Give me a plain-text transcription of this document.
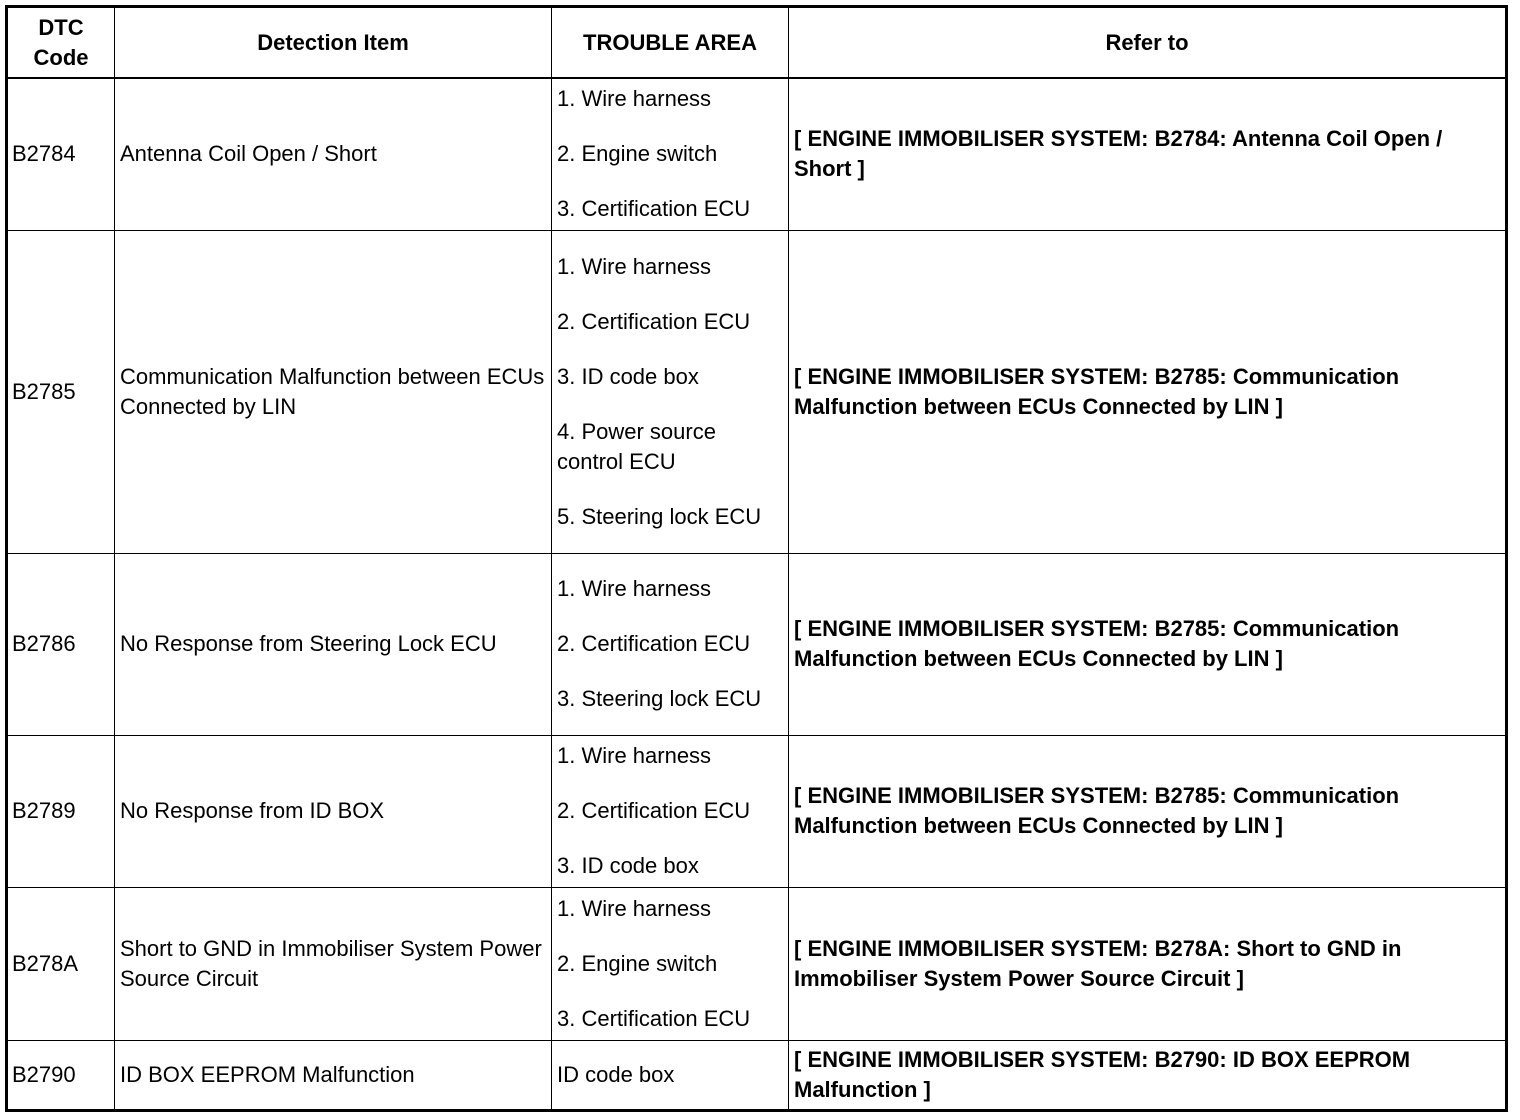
DTC Code	Detection Item	TROUBLE AREA	Refer to
B2784	Antenna Coil Open / Short	1. Wire harness

2. Engine switch

3. Certification ECU	[ ENGINE IMMOBILISER SYSTEM: B2784: Antenna Coil Open / Short ]
B2785	Communication Malfunction between ECUs Connected by LIN	1. Wire harness

2. Certification ECU

3. ID code box

4. Power source control ECU

5. Steering lock ECU	[ ENGINE IMMOBILISER SYSTEM: B2785: Communication Malfunction between ECUs Connected by LIN ]
B2786	No Response from Steering Lock ECU	1. Wire harness

2. Certification ECU

3. Steering lock ECU	[ ENGINE IMMOBILISER SYSTEM: B2785: Communication Malfunction between ECUs Connected by LIN ]
B2789	No Response from ID BOX	1. Wire harness

2. Certification ECU

3. ID code box	[ ENGINE IMMOBILISER SYSTEM: B2785: Communication Malfunction between ECUs Connected by LIN ]
B278A	Short to GND in Immobiliser System Power Source Circuit	1. Wire harness

2. Engine switch

3. Certification ECU	[ ENGINE IMMOBILISER SYSTEM: B278A: Short to GND in Immobiliser System Power Source Circuit ]
B2790	ID BOX EEPROM Malfunction	ID code box	[ ENGINE IMMOBILISER SYSTEM: B2790: ID BOX EEPROM Malfunction ]
